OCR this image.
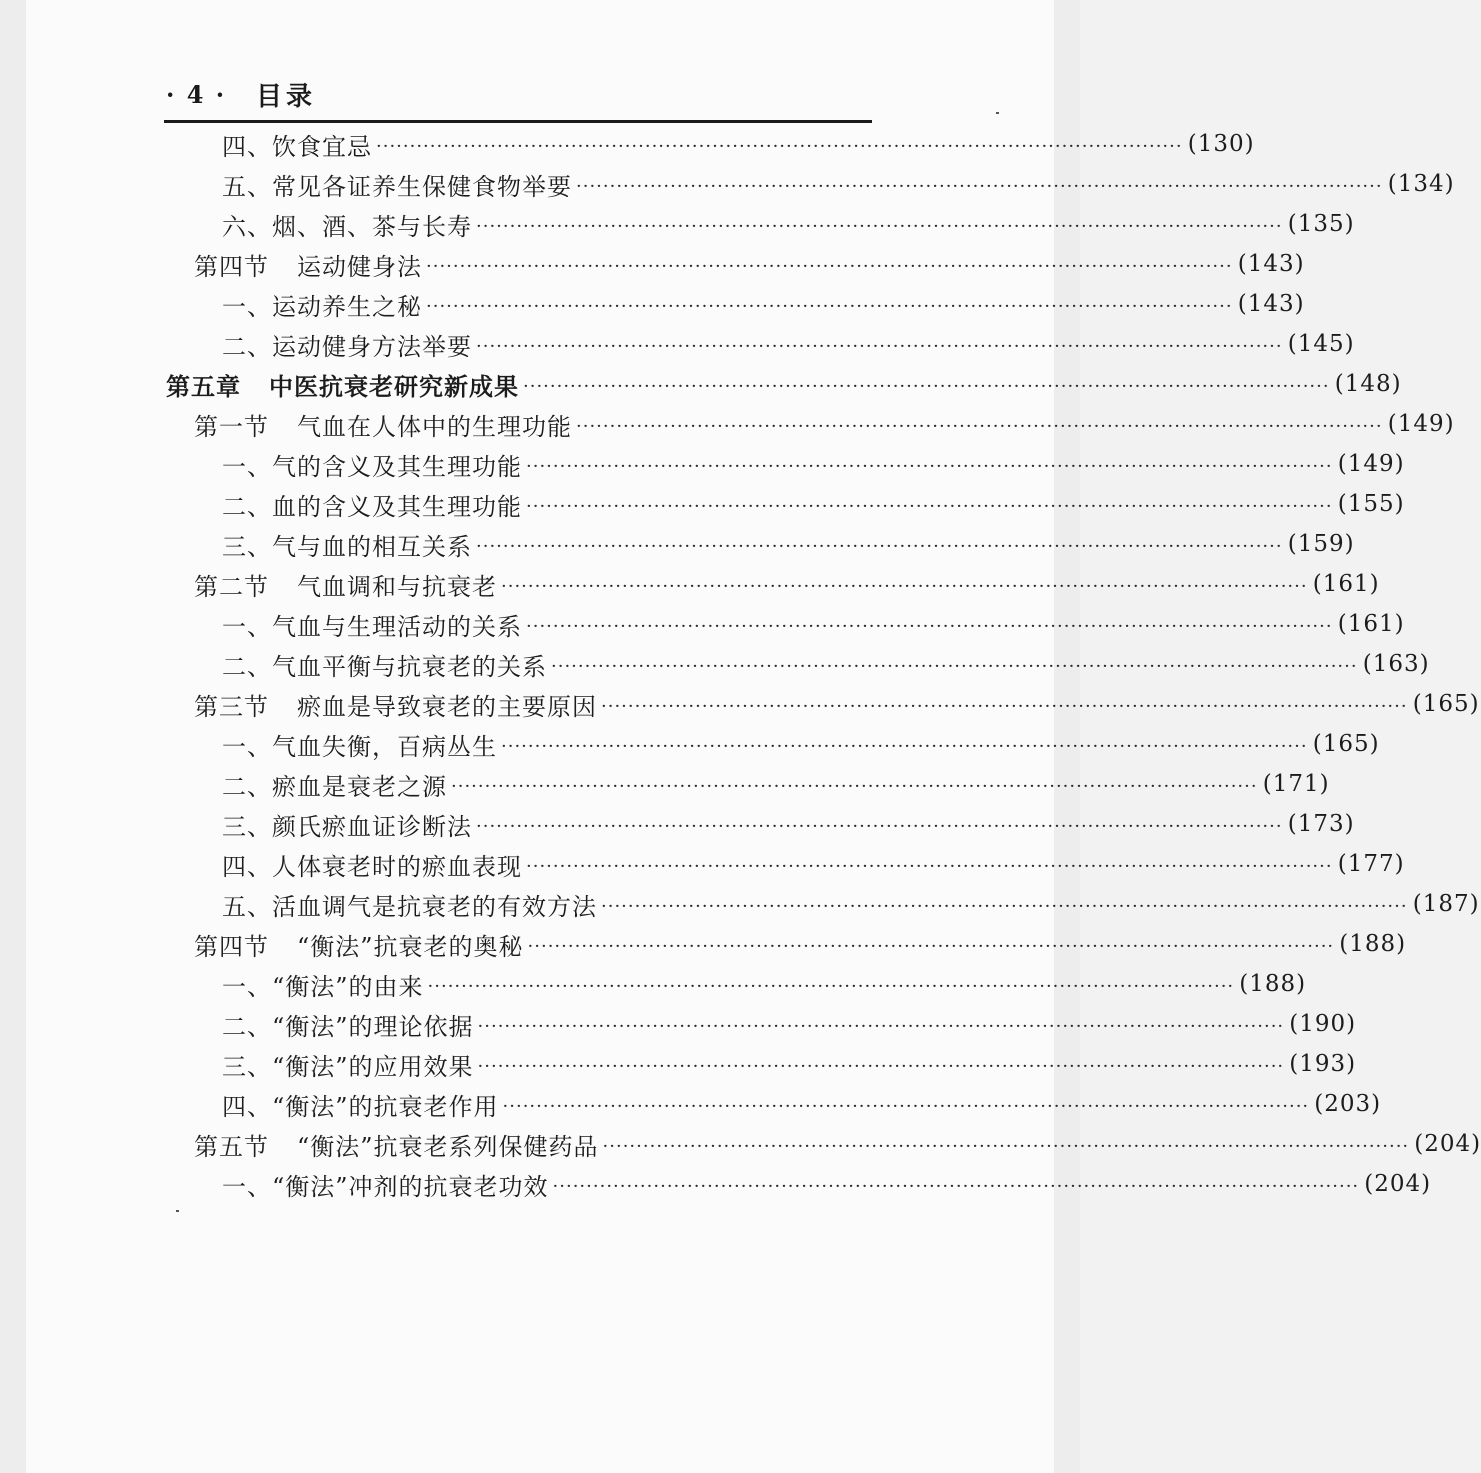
· 4 ·	目录
四、饮食宜忌 ························································································································ (130)
五、常见各证养生保健食物举要 ························································································································ (134)
六、烟、酒、茶与长寿 ························································································································ (135)
第四节 运动健身法 ························································································································ (143)
一、运动养生之秘 ························································································································ (143)
二、运动健身方法举要 ························································································································ (145)
第五章 中医抗衰老研究新成果 ························································································································ (148)
第一节 气血在人体中的生理功能 ························································································································ (149)
一、气的含义及其生理功能 ························································································································ (149)
二、血的含义及其生理功能 ························································································································ (155)
三、气与血的相互关系 ························································································································ (159)
第二节 气血调和与抗衰老 ························································································································ (161)
一、气血与生理活动的关系 ························································································································ (161)
二、气血平衡与抗衰老的关系 ························································································································ (163)
第三节 瘀血是导致衰老的主要原因 ························································································································ (165)
一、气血失衡，百病丛生 ························································································································ (165)
二、瘀血是衰老之源 ························································································································ (171)
三、颜氏瘀血证诊断法 ························································································································ (173)
四、人体衰老时的瘀血表现 ························································································································ (177)
五、活血调气是抗衰老的有效方法 ························································································································ (187)
第四节 “衡法”抗衰老的奥秘 ························································································································ (188)
一、“衡法”的由来 ························································································································ (188)
二、“衡法”的理论依据 ························································································································ (190)
三、“衡法”的应用效果 ························································································································ (193)
四、“衡法”的抗衰老作用 ························································································································ (203)
第五节 “衡法”抗衰老系列保健药品 ························································································································ (204)
一、“衡法”冲剂的抗衰老功效 ························································································································ (204)
